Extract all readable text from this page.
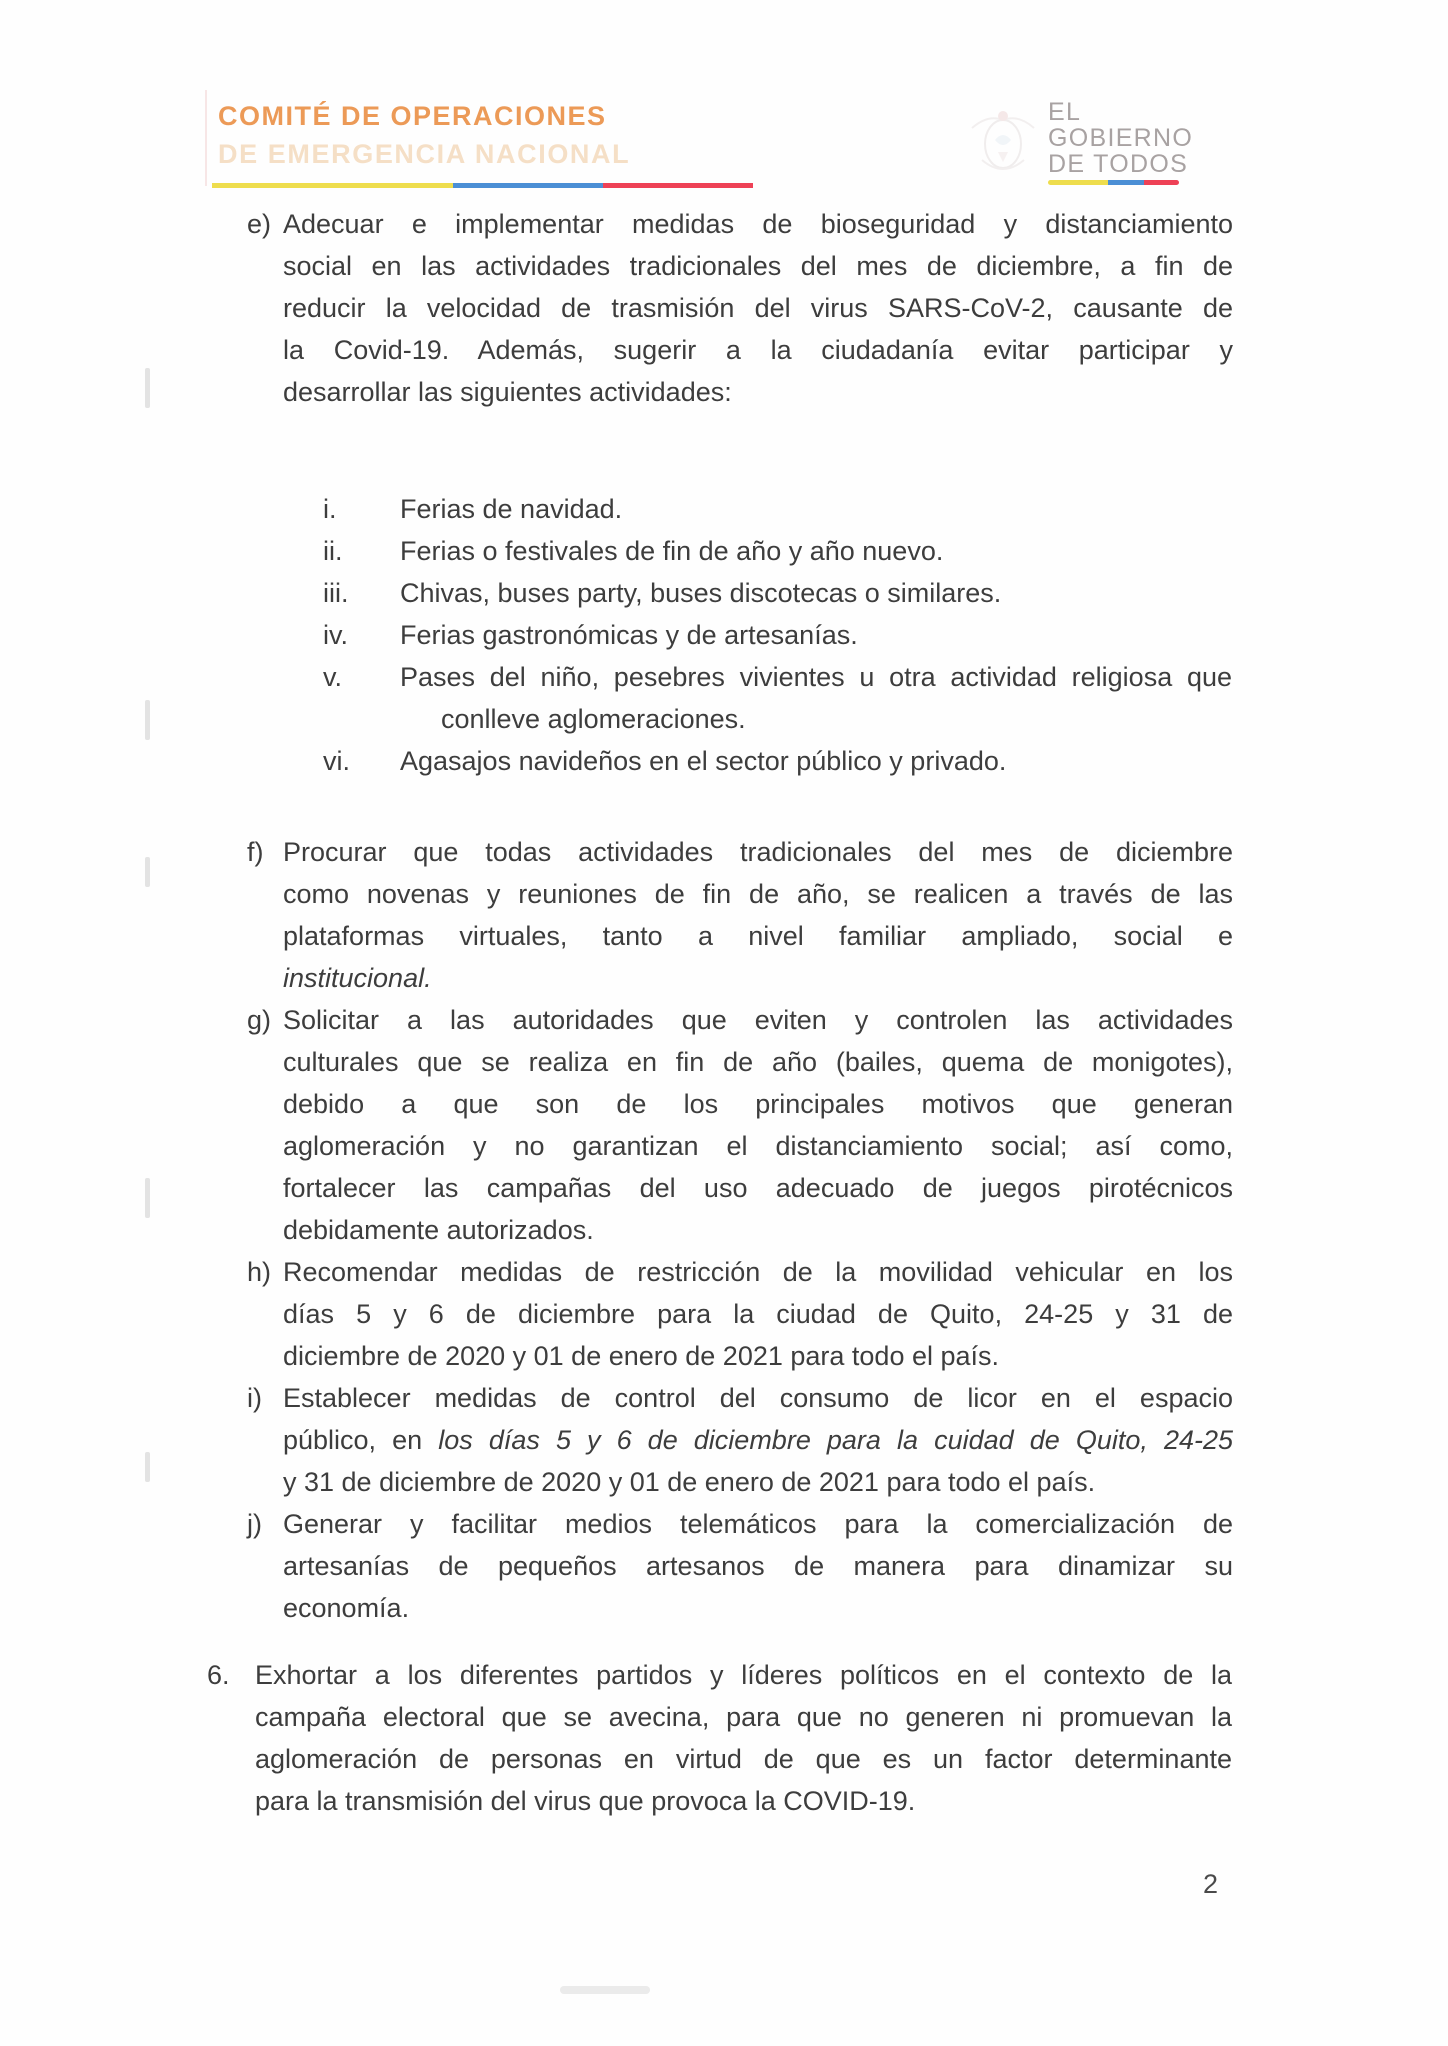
COMITÉ DE OPERACIONES
DE EMERGENCIA NACIONAL
EL
GOBIERNO
DE TODOS
e) Adecuar e implementar medidas de bioseguridad y distanciamiento
social en las actividades tradicionales del mes de diciembre, a fin de
reducir la velocidad de trasmisión del virus SARS-CoV-2, causante de
la Covid-19. Además, sugerir a la ciudadanía evitar participar y
desarrollar las siguientes actividades:
i. Ferias de navidad.
ii. Ferias o festivales de fin de año y año nuevo.
iii. Chivas, buses party, buses discotecas o similares.
iv. Ferias gastronómicas y de artesanías.
v. Pases del niño, pesebres vivientes u otra actividad religiosa que
conlleve aglomeraciones.
vi. Agasajos navideños en el sector público y privado.
f) Procurar que todas actividades tradicionales del mes de diciembre
como novenas y reuniones de fin de año, se realicen a través de las
plataformas virtuales, tanto a nivel familiar ampliado, social e
institucional.
g) Solicitar a las autoridades que eviten y controlen las actividades
culturales que se realiza en fin de año (bailes, quema de monigotes),
debido a que son de los principales motivos que generan
aglomeración y no garantizan el distanciamiento social; así como,
fortalecer las campañas del uso adecuado de juegos pirotécnicos
debidamente autorizados.
h) Recomendar medidas de restricción de la movilidad vehicular en los
días 5 y 6 de diciembre para la ciudad de Quito, 24-25 y 31 de
diciembre de 2020 y 01 de enero de 2021 para todo el país.
i) Establecer medidas de control del consumo de licor en el espacio
público, en los días 5 y 6 de diciembre para la cuidad de Quito, 24-25
y 31 de diciembre de 2020 y 01 de enero de 2021 para todo el país.
j) Generar y facilitar medios telemáticos para la comercialización de
artesanías de pequeños artesanos de manera para dinamizar su
economía.
6. Exhortar a los diferentes partidos y líderes políticos en el contexto de la
campaña electoral que se avecina, para que no generen ni promuevan la
aglomeración de personas en virtud de que es un factor determinante
para la transmisión del virus que provoca la COVID-19.
2
